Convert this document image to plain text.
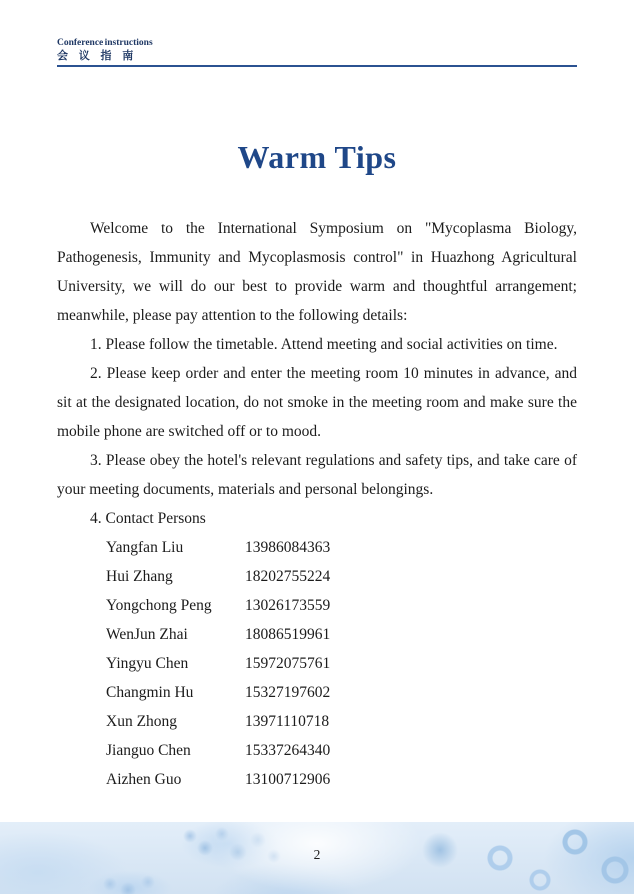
Conference instructions
会 议 指 南
Warm Tips

Welcome to the International Symposium on "Mycoplasma Biology, Pathogenesis, Immunity and Mycoplasmosis control" in Huazhong Agricultural University, we will do our best to provide warm and thoughtful arrangement; meanwhile, please pay attention to the following details:

1. Please follow the timetable. Attend meeting and social activities on time.

2. Please keep order and enter the meeting room 10 minutes in advance, and sit at the designated location, do not smoke in the meeting room and make sure the mobile phone are switched off or to mood.

3. Please obey the hotel's relevant regulations and safety tips, and take care of your meeting documents, materials and personal belongings.

4. Contact Persons

Yangfan Liu	13986084363
Hui Zhang	18202755224
Yongchong Peng	13026173559
WenJun Zhai	18086519961
Yingyu Chen	15972075761
Changmin Hu	15327197602
Xun Zhong	13971110718
Jianguo Chen	15337264340
Aizhen Guo	13100712906
2
